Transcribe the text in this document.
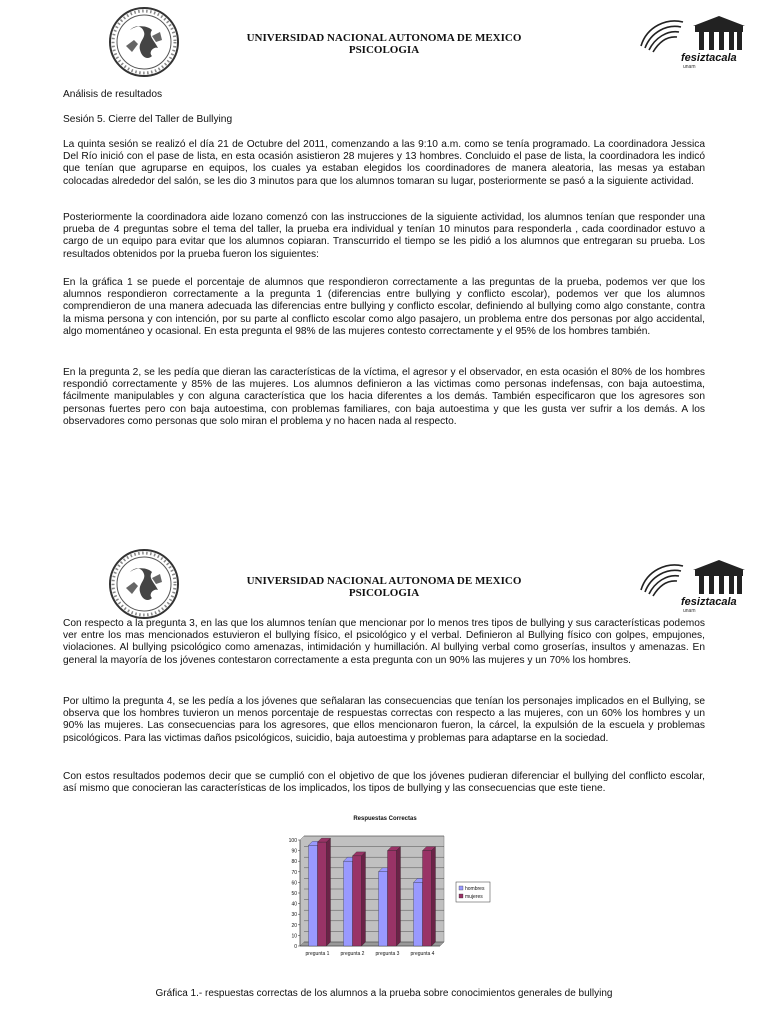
UNIVERSIDAD NACIONAL AUTONOMA DE MEXICO
PSICOLOGIA
fesiztacala
unam

Análisis de resultados

Sesión 5. Cierre del Taller de Bullying

La quinta sesión se realizó el día 21 de Octubre del 2011, comenzando a las 9:10 a.m. como se tenía programado. La coordinadora Jessica Del Río inició con el pase de lista, en esta ocasión asistieron 28 mujeres y 13 hombres. Concluido el pase de lista, la coordinadora les indicó que tenían que agruparse en equipos, los cuales ya estaban elegidos los coordinadores de manera aleatoria, las mesas ya estaban colocadas alrededor del salón, se les dio 3 minutos para que los alumnos tomaran su lugar, posteriormente se pasó a la siguiente actividad.

Posteriormente la coordinadora aide lozano comenzó con las instrucciones de la siguiente actividad, los alumnos tenían que responder una prueba de 4 preguntas sobre el tema del taller, la prueba era individual y tenían 10 minutos para responderla , cada coordinador estuvo a cargo de un equipo para evitar que los alumnos copiaran. Transcurrido el tiempo se les pidió a los alumnos que entregaran su prueba. Los resultados obtenidos por la prueba fueron los siguientes:

En la gráfica 1 se puede el porcentaje de alumnos que respondieron correctamente a las preguntas de la prueba, podemos ver que los alumnos respondieron correctamente a la pregunta 1 (diferencias entre bullying y conflicto escolar), podemos ver que los alumnos comprendieron de una manera adecuada las diferencias entre bullying y conflicto escolar, definiendo al bullying como algo constante, contra la misma persona y con intención, por su parte al conflicto escolar como algo pasajero, un problema entre dos personas por algo accidental, algo momentáneo y ocasional. En esta pregunta el 98% de las mujeres contesto correctamente y el 95% de los hombres también.

En la pregunta 2, se les pedía que dieran las características de la víctima, el agresor y el observador, en esta ocasión el 80% de los hombres respondió correctamente y 85% de las mujeres. Los alumnos definieron a las victimas como personas indefensas, con baja autoestima, fácilmente manipulables y con alguna característica que los hacia diferentes a los demás. También especificaron que los agresores son personas fuertes pero con baja autoestima, con problemas familiares, con baja autoestima y que les gusta ver sufrir a los demás. A los observadores como personas que solo miran el problema y no hacen nada al respecto.

UNIVERSIDAD NACIONAL AUTONOMA DE MEXICO
PSICOLOGIA
fesiztacala
unam

Con respecto a la pregunta 3, en las que los alumnos tenían que mencionar por lo menos tres tipos de bullying y sus características podemos ver entre los mas mencionados estuvieron el bullying físico, el psicológico y el verbal. Definieron al Bullying físico con golpes, empujones, violaciones. Al bullying psicológico como amenazas, intimidación y humillación. Al bullying verbal como groserías, insultos y amenazas. En general la mayoría de los jóvenes contestaron correctamente a esta pregunta con un 90% las mujeres y un 70% los hombres.

Por ultimo la pregunta 4, se les pedía a los jóvenes que señalaran las consecuencias que tenían los personajes implicados en el Bullying, se observa que los hombres tuvieron un menos porcentaje de respuestas correctas con respecto a las mujeres, con un 60% los hombres y un 90% las mujeres. Las consecuencias para los agresores, que ellos mencionaron fueron, la cárcel, la expulsión de la escuela y problemas psicológicos. Para las victimas daños psicológicos, suicidio, baja autoestima y problemas para adaptarse en la sociedad.

Con estos resultados podemos decir que se cumplió con el objetivo de que los jóvenes pudieran diferenciar el bullying del conflicto escolar, así mismo que conocieran las características de los implicados, los tipos de bullying y las consecuencias que este tiene.

Respuestas Correctas
0
10
20
30
40
50
60
70
80
90
100
pregunta 1 pregunta 2 pregunta 3 pregunta 4
hombres
mujeres
Gráfica 1.- respuestas correctas de los alumnos a la prueba sobre conocimientos generales de bullying
